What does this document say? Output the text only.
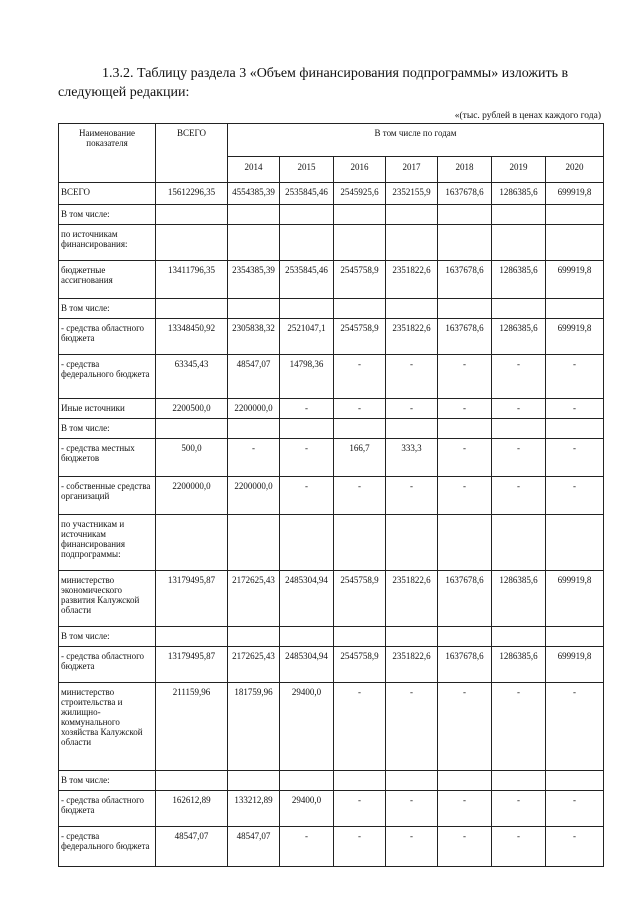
1.3.2. Таблицу раздела 3 «Объем финансирования подпрограммы» изложить в
следующей редакции:
«(тыс. рублей в ценах каждого года)
Наименование показателя	ВСЕГО	В том числе по годам						
		2014	2015	2016	2017	2018	2019	2020
ВСЕГО	15612296,35	4554385,39	2535845,46	2545925,6	2352155,9	1637678,6	1286385,6	699919,8
В том числе:								
по источникам финансирования:								
бюджетные ассигнования	13411796,35	2354385,39	2535845,46	2545758,9	2351822,6	1637678,6	1286385,6	699919,8
В том числе:								
- средства областного бюджета	13348450,92	2305838,32	2521047,1	2545758,9	2351822,6	1637678,6	1286385,6	699919,8
- средства федерального бюджета	63345,43	48547,07	14798,36	-	-	-	-	-
Иные источники	2200500,0	2200000,0	-	-	-	-	-	-
В том числе:								
- средства местных бюджетов	500,0	-	-	166,7	333,3	-	-	-
- собственные средства организаций	2200000,0	2200000,0	-	-	-	-	-	-
по участникам и источникам финансирования подпрограммы:								
министерство экономического развития Калужской области	13179495,87	2172625,43	2485304,94	2545758,9	2351822,6	1637678,6	1286385,6	699919,8
В том числе:								
- средства областного бюджета	13179495,87	2172625,43	2485304,94	2545758,9	2351822,6	1637678,6	1286385,6	699919,8
министерство строительства и жилищно-коммунального хозяйства Калужской области	211159,96	181759,96	29400,0	-	-	-	-	-
В том числе:								
- средства областного бюджета	162612,89	133212,89	29400,0	-	-	-	-	-
- средства федерального бюджета	48547,07	48547,07	-	-	-	-	-	-
